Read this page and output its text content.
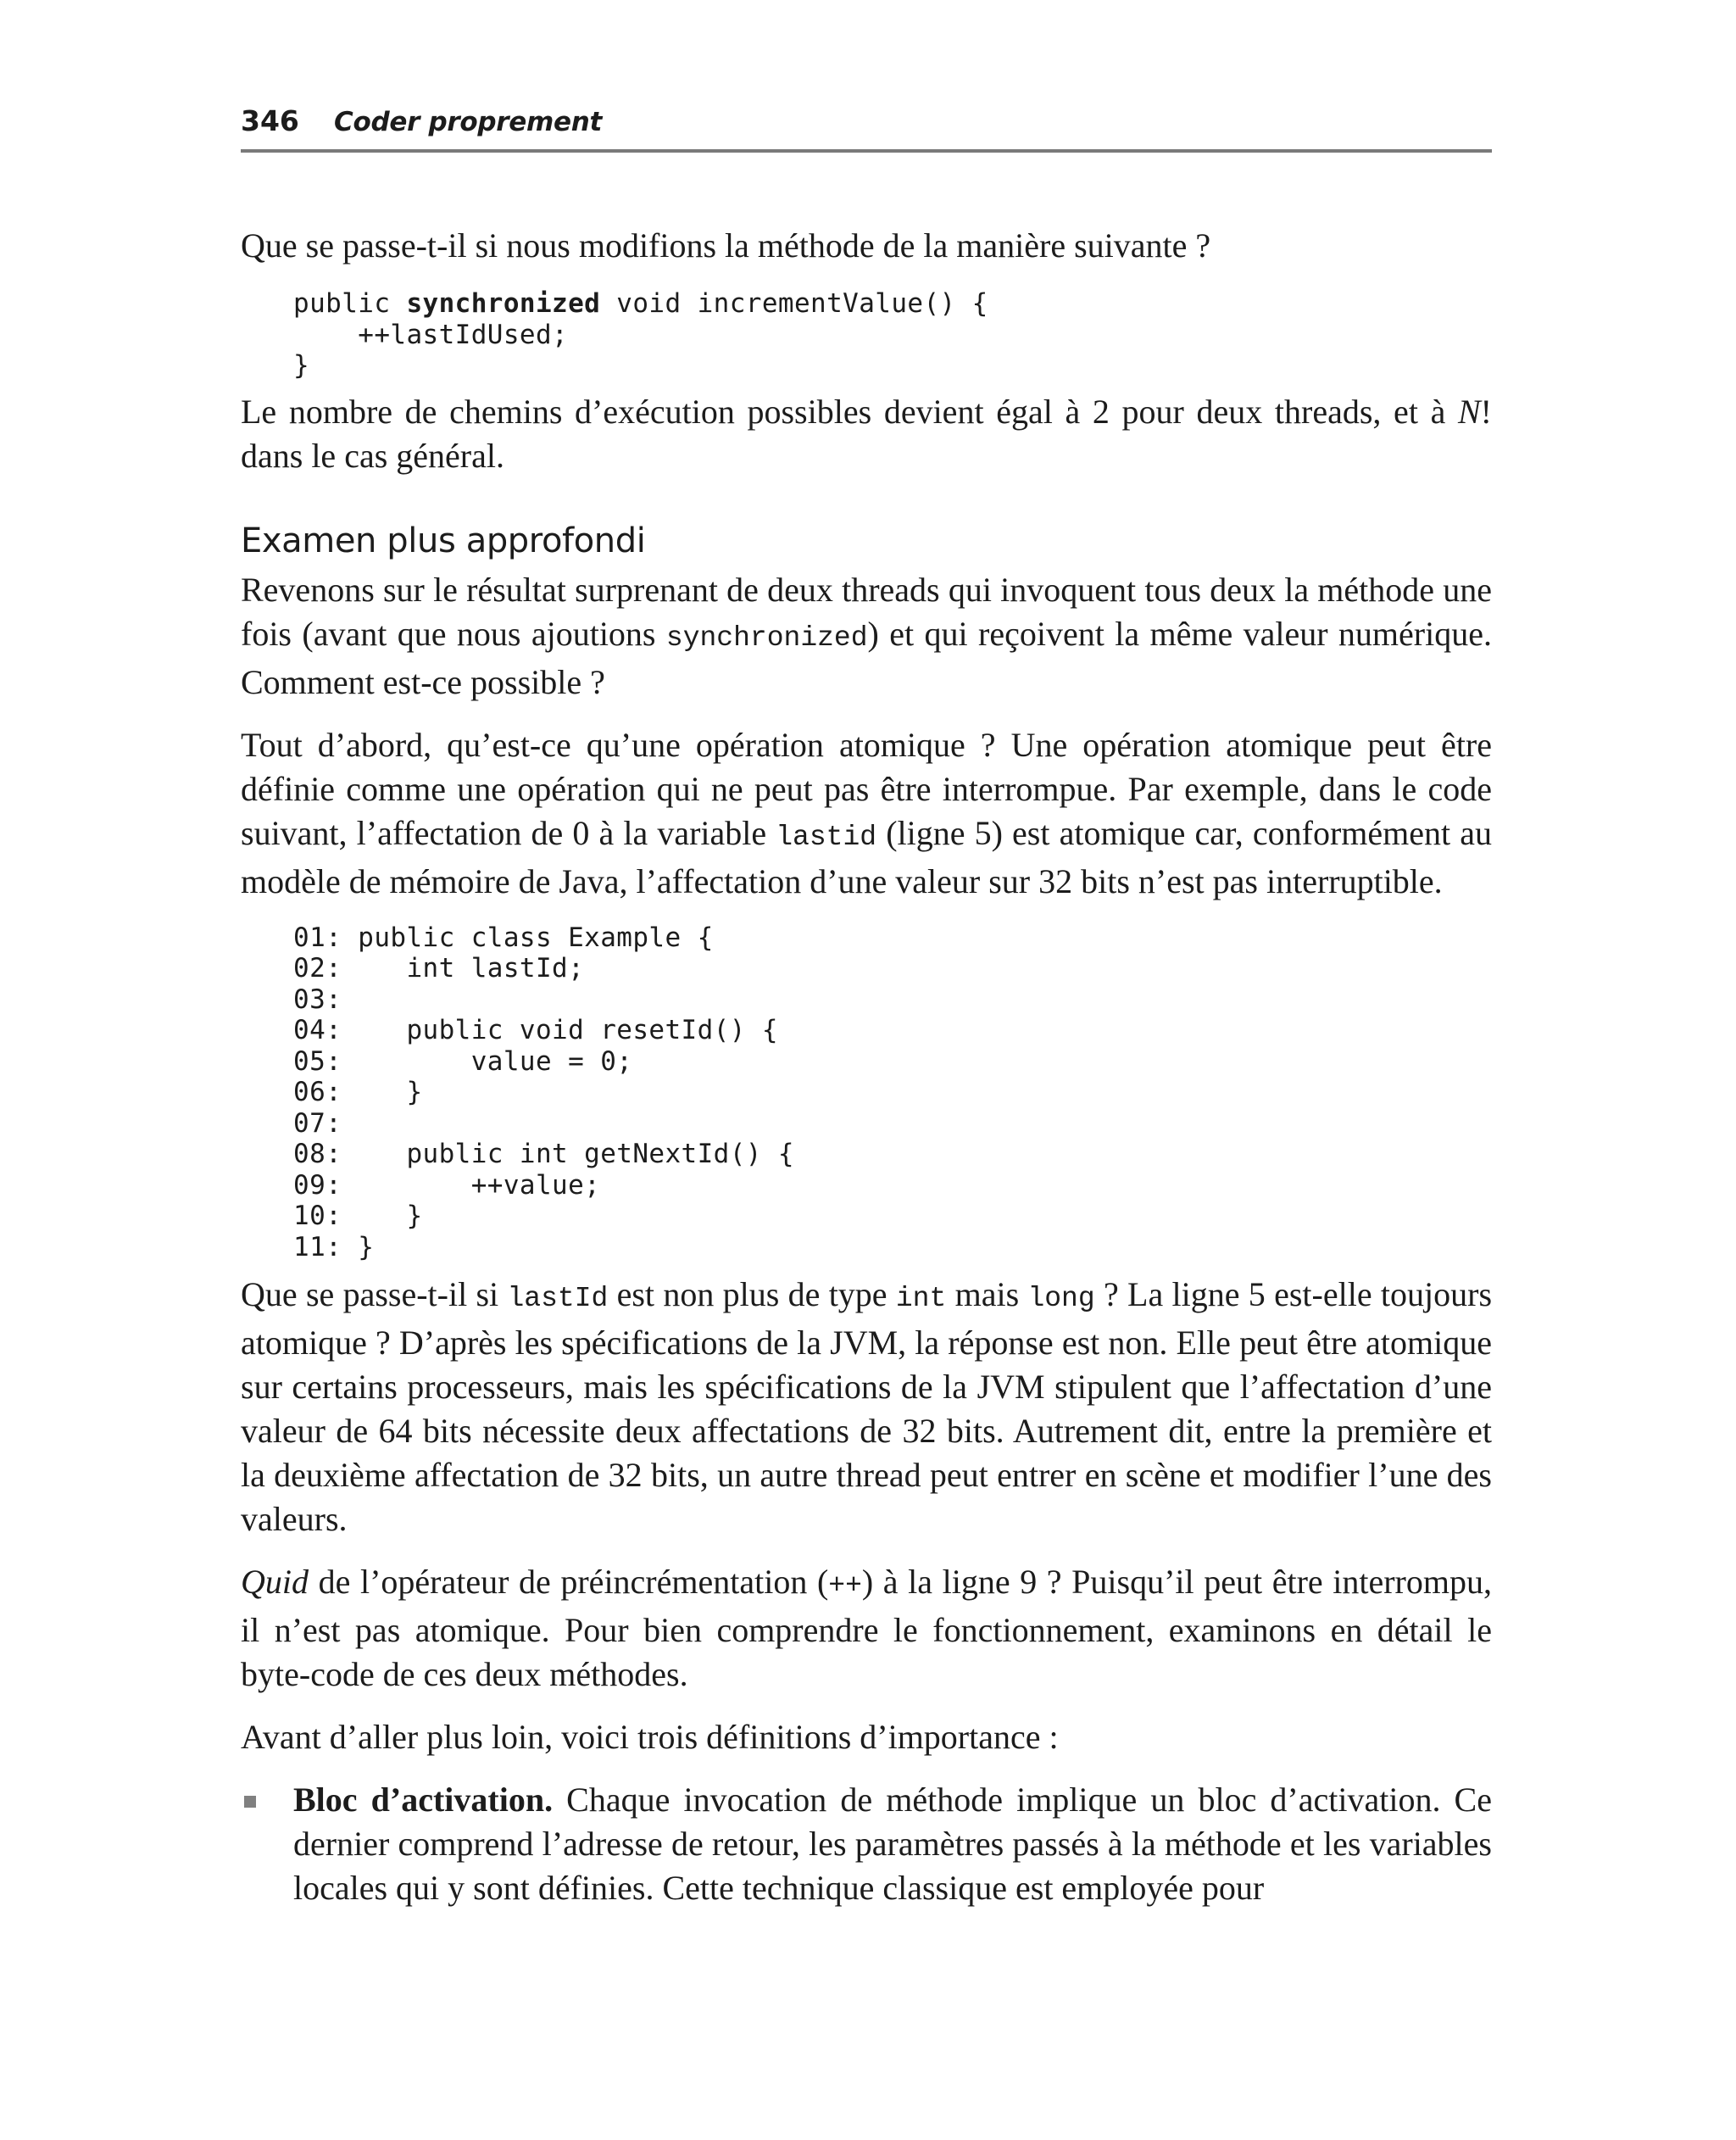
346 Coder proprement

Que se passe-t-il si nous modifions la méthode de la manière suivante ?

public synchronized void incrementValue() {
++lastIdUsed;
}

Le nombre de chemins d’exécution possibles devient égal à 2 pour deux threads, et à N! dans le cas général.

Examen plus approfondi

Revenons sur le résultat surprenant de deux threads qui invoquent tous deux la méthode une fois (avant que nous ajoutions synchronized) et qui reçoivent la même valeur numérique. Comment est-ce possible ?

Tout d’abord, qu’est-ce qu’une opération atomique ? Une opération atomique peut être définie comme une opération qui ne peut pas être interrompue. Par exemple, dans le code suivant, l’affectation de 0 à la variable lastid (ligne 5) est atomique car, conformément au modèle de mémoire de Java, l’affectation d’une valeur sur 32 bits n’est pas interruptible.

01: public class Example {
02:    int lastId;
03:
04:    public void resetId() {
05:        value = 0;
06:    }
07:
08:    public int getNextId() {
09:        ++value;
10:    }
11: }

Que se passe-t-il si lastId est non plus de type int mais long ? La ligne 5 est-elle toujours atomique ? D’après les spécifications de la JVM, la réponse est non. Elle peut être atomique sur certains processeurs, mais les spécifications de la JVM stipulent que l’affectation d’une valeur de 64 bits nécessite deux affectations de 32 bits. Autrement dit, entre la première et la deuxième affectation de 32 bits, un autre thread peut entrer en scène et modifier l’une des valeurs.

Quid de l’opérateur de préincrémentation (++) à la ligne 9 ? Puisqu’il peut être interrompu, il n’est pas atomique. Pour bien comprendre le fonctionnement, examinons en détail le byte-code de ces deux méthodes.

Avant d’aller plus loin, voici trois définitions d’importance :

Bloc d’activation. Chaque invocation de méthode implique un bloc d’activation. Ce dernier comprend l’adresse de retour, les paramètres passés à la méthode et les variables locales qui y sont définies. Cette technique classique est employée pour
